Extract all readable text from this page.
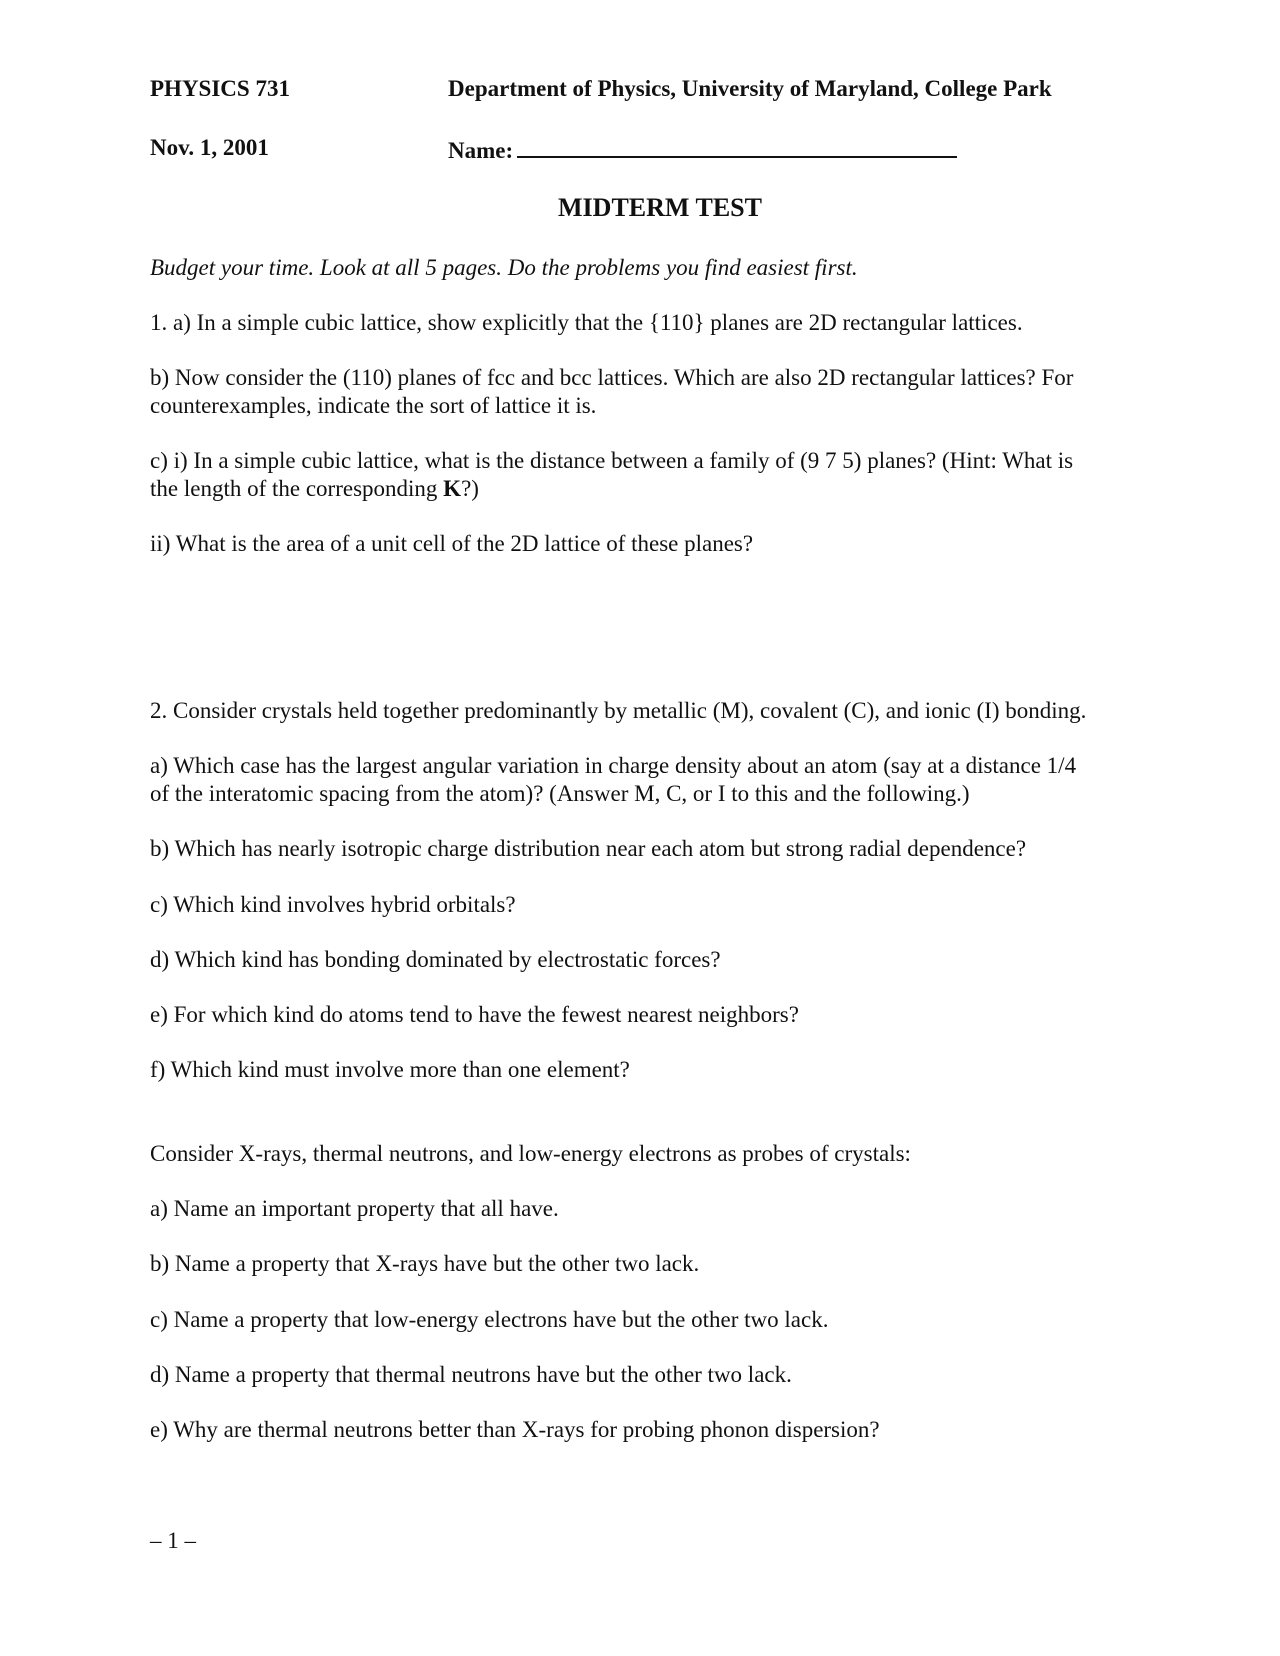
PHYSICS 731	Department of Physics, University of Maryland, College Park
Nov. 1, 2001	Name:
MIDTERM TEST
Budget your time. Look at all 5 pages. Do the problems you find easiest first.
1. a) In a simple cubic lattice, show explicitly that the {110} planes are 2D rectangular lattices.
b) Now consider the (110) planes of fcc and bcc lattices. Which are also 2D rectangular lattices? For
counterexamples, indicate the sort of lattice it is.
c) i) In a simple cubic lattice, what is the distance between a family of (9 7 5) planes? (Hint: What is
the length of the corresponding K?)
ii) What is the area of a unit cell of the 2D lattice of these planes?
2. Consider crystals held together predominantly by metallic (M), covalent (C), and ionic (I) bonding.
a) Which case has the largest angular variation in charge density about an atom (say at a distance 1/4
of the interatomic spacing from the atom)? (Answer M, C, or I to this and the following.)
b) Which has nearly isotropic charge distribution near each atom but strong radial dependence?
c) Which kind involves hybrid orbitals?
d) Which kind has bonding dominated by electrostatic forces?
e) For which kind do atoms tend to have the fewest nearest neighbors?
f) Which kind must involve more than one element?
Consider X-rays, thermal neutrons, and low-energy electrons as probes of crystals:
a) Name an important property that all have.
b) Name a property that X-rays have but the other two lack.
c) Name a property that low-energy electrons have but the other two lack.
d) Name a property that thermal neutrons have but the other two lack.
e) Why are thermal neutrons better than X-rays for probing phonon dispersion?
– 1 –
